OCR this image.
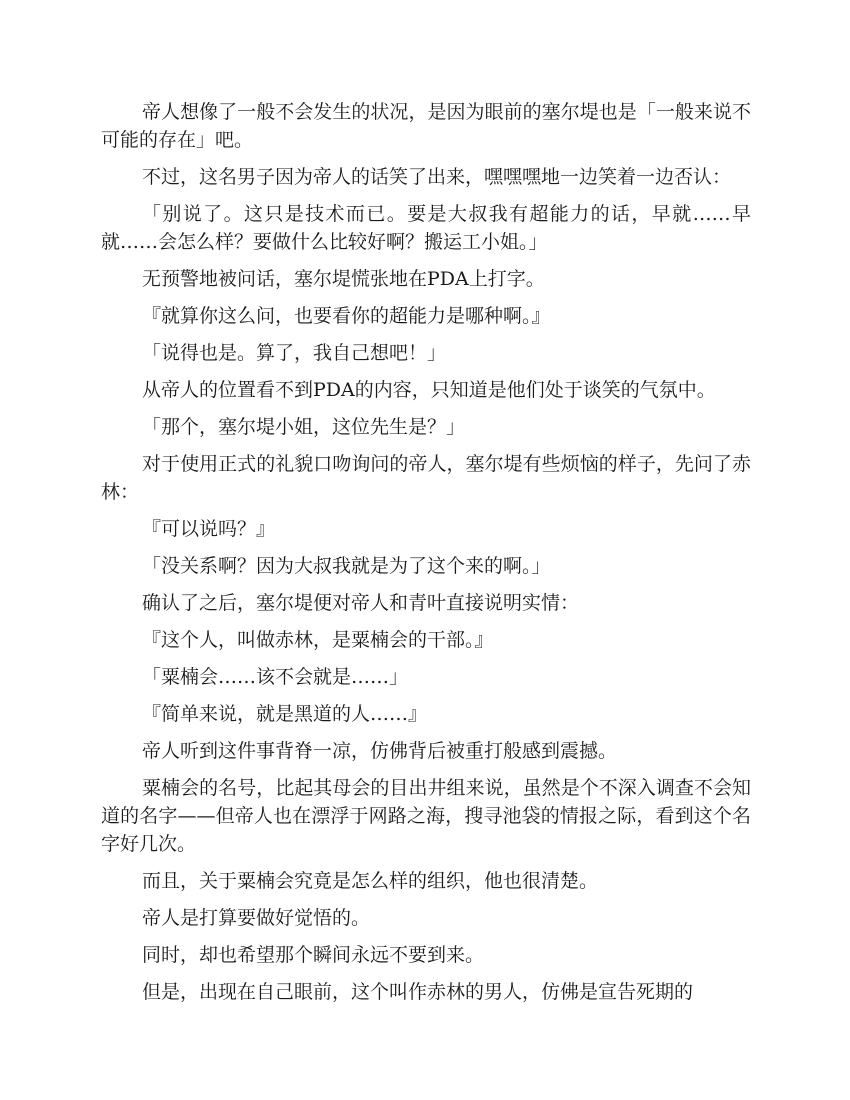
帝人想像了一般不会发生的状况，是因为眼前的塞尔堤也是「一般来说不可能的存在」吧。

不过，这名男子因为帝人的话笑了出来，嘿嘿嘿地一边笑着一边否认：

「别说了。这只是技术而已。要是大叔我有超能力的话，早就……早就……会怎么样？要做什么比较好啊？搬运工小姐。」

无预警地被问话，塞尔堤慌张地在PDA上打字。

『就算你这么问，也要看你的超能力是哪种啊。』

「说得也是。算了，我自己想吧！」

从帝人的位置看不到PDA的内容，只知道是他们处于谈笑的气氛中。

「那个，塞尔堤小姐，这位先生是？」

对于使用正式的礼貌口吻询问的帝人，塞尔堤有些烦恼的样子，先问了赤林：

『可以说吗？』

「没关系啊？因为大叔我就是为了这个来的啊。」

确认了之后，塞尔堤便对帝人和青叶直接说明实情：

『这个人，叫做赤林，是粟楠会的干部。』

「粟楠会……该不会就是……」

『简单来说，就是黑道的人……』

帝人听到这件事背脊一凉，仿佛背后被重打般感到震撼。

粟楠会的名号，比起其母会的目出井组来说，虽然是个不深入调查不会知道的名字——但帝人也在漂浮于网路之海，搜寻池袋的情报之际，看到这个名字好几次。

而且，关于粟楠会究竟是怎么样的组织，他也很清楚。

帝人是打算要做好觉悟的。

同时，却也希望那个瞬间永远不要到来。

但是，出现在自己眼前，这个叫作赤林的男人，仿佛是宣告死期的
